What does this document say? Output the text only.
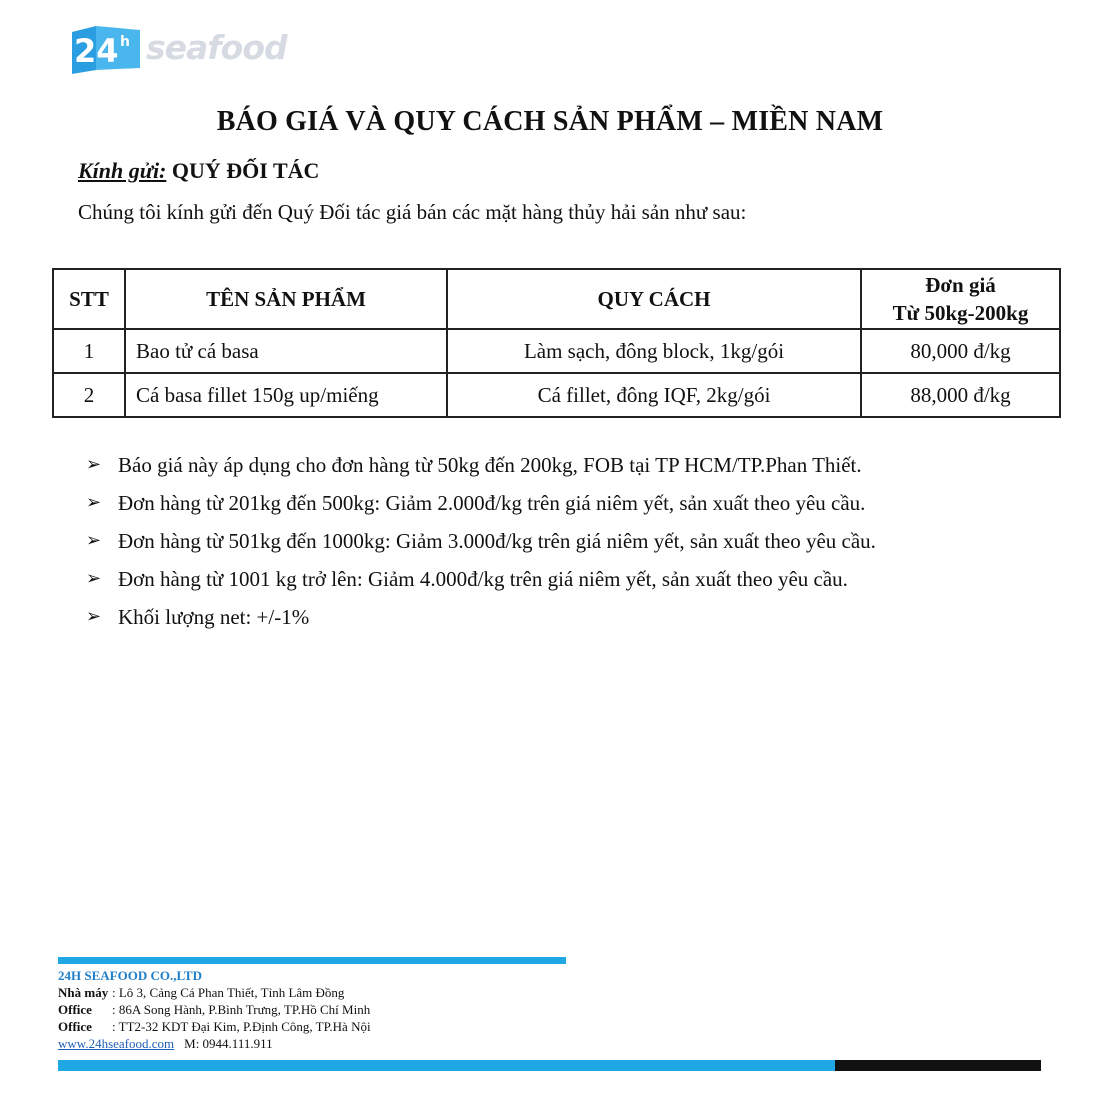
24 h seafood
BÁO GIÁ VÀ QUY CÁCH SẢN PHẨM – MIỀN NAM
Kính gửi: QUÝ ĐỐI TÁC

Chúng tôi kính gửi đến Quý Đối tác giá bán các mặt hàng thủy hải sản như sau:

STT	TÊN SẢN PHẨM	QUY CÁCH	Đơn giá
Từ 50kg-200kg

1	Bao tử cá basa	Làm sạch, đông block, 1kg/gói	80,000 đ/kg
2	Cá basa fillet 150g up/miếng	Cá fillet, đông IQF, 2kg/gói	88,000 đ/kg
➢ Báo giá này áp dụng cho đơn hàng từ 50kg đến 200kg, FOB tại TP HCM/TP.Phan Thiết.
➢ Đơn hàng từ 201kg đến 500kg: Giảm 2.000đ/kg trên giá niêm yết, sản xuất theo yêu cầu.
➢ Đơn hàng từ 501kg đến 1000kg: Giảm 3.000đ/kg trên giá niêm yết, sản xuất theo yêu cầu.
➢ Đơn hàng từ 1001 kg trở lên: Giảm 4.000đ/kg trên giá niêm yết, sản xuất theo yêu cầu.
➢ Khối lượng net: +/-1%
24H SEAFOOD CO.,LTD
Nhà máy : Lô 3, Cảng Cá Phan Thiết, Tỉnh Lâm Đồng
Office : 86A Song Hành, P.Bình Trưng, TP.Hồ Chí Minh
Office : TT2-32 KDT Đại Kim, P.Định Công, TP.Hà Nội
www.24hseafood.com M: 0944.111.911
